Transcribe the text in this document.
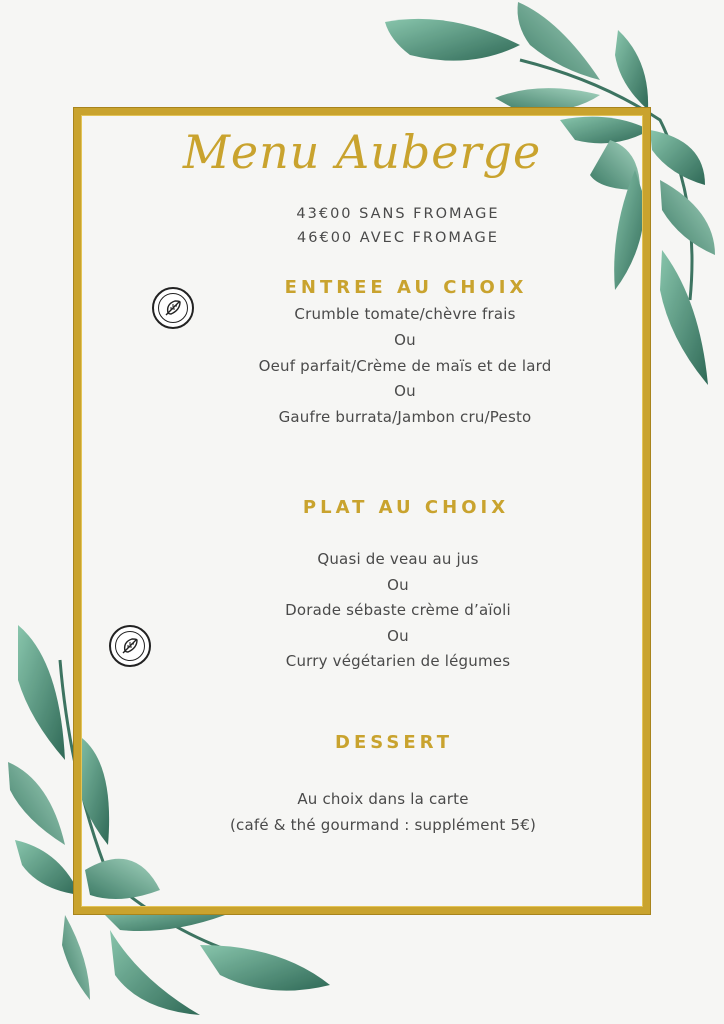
Menu Auberge
43€00 SANS FROMAGE
46€00 AVEC FROMAGE
ENTREE AU CHOIX
Crumble tomate/chèvre frais
Ou
Oeuf parfait/Crème de maïs et de lard
Ou
Gaufre burrata/Jambon cru/Pesto
PLAT AU CHOIX
Quasi de veau au jus
Ou
Dorade sébaste crème d’aïoli
Ou
Curry végétarien de légumes
DESSERT
Au choix dans la carte
(café & thé gourmand : supplément 5€)
